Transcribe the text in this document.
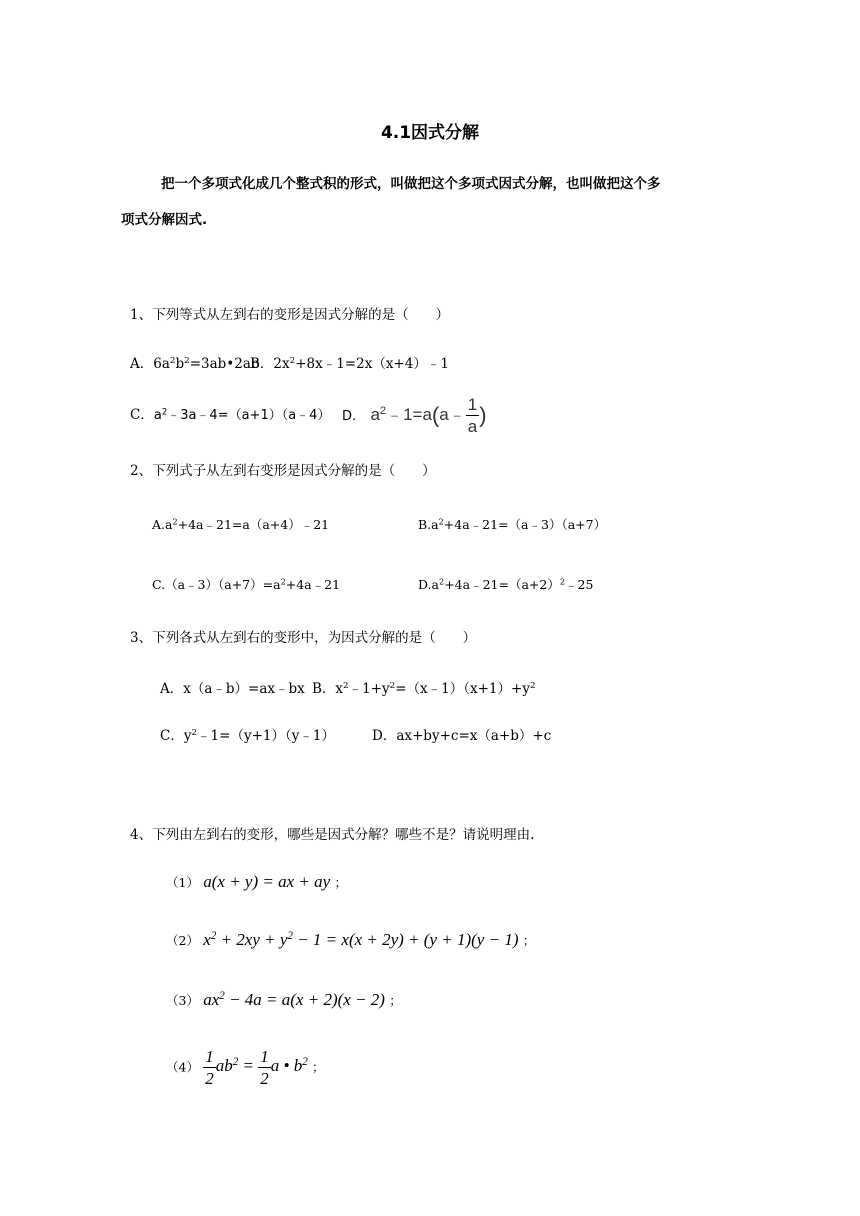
4.1因式分解
把一个多项式化成几个整式积的形式，叫做把这个多项式因式分解，也叫做把这个多
项式分解因式.
1、下列等式从左到右的变形是因式分解的是（　　）
A．$6a^2b^2=3ab•2ab$
B．$2x^2+8x﹣1=2x(x+4)﹣1$
C．$a^2﹣3a﹣4=(a+1)(a﹣4)$ D. $a^2﹣1=a(a﹣ \frac{1}{a}$ )
2、下列式子从左到右变形是因式分解的是（　　）
$A.a^2+4a﹣21=a(a+4)﹣21$	$B.a^2+4a﹣21=(a﹣3)(a+7)$
$C.(a﹣3)(a+7)=a^2+4a﹣21$	$D.a^2+4a﹣21=(a+2)^2﹣25$
3、下列各式从左到右的变形中，为因式分解的是（　　）
A．x（a﹣b）=ax﹣bx B．$x^2﹣1+y^2=(x﹣1)(x+1)+y^2$
C．$y^2﹣1=(y+1)(y﹣1)$	D．ax+by+c=x（a+b）+c
4、下列由左到右的变形，哪些是因式分解？哪些不是？请说明理由.
（1） a(x + y) = ax + ay ；
（2） $x^2 + 2xy + y^2 - 1 = x(x + 2y) + (y + 1)(y - 1)$ ；
（3） $ax^2 - 4a = a(x + 2)(x - 2)$ ；
$(4) \frac{1}{2} ab^2 = \frac{1}{2}$ a • $b^2$ ；
